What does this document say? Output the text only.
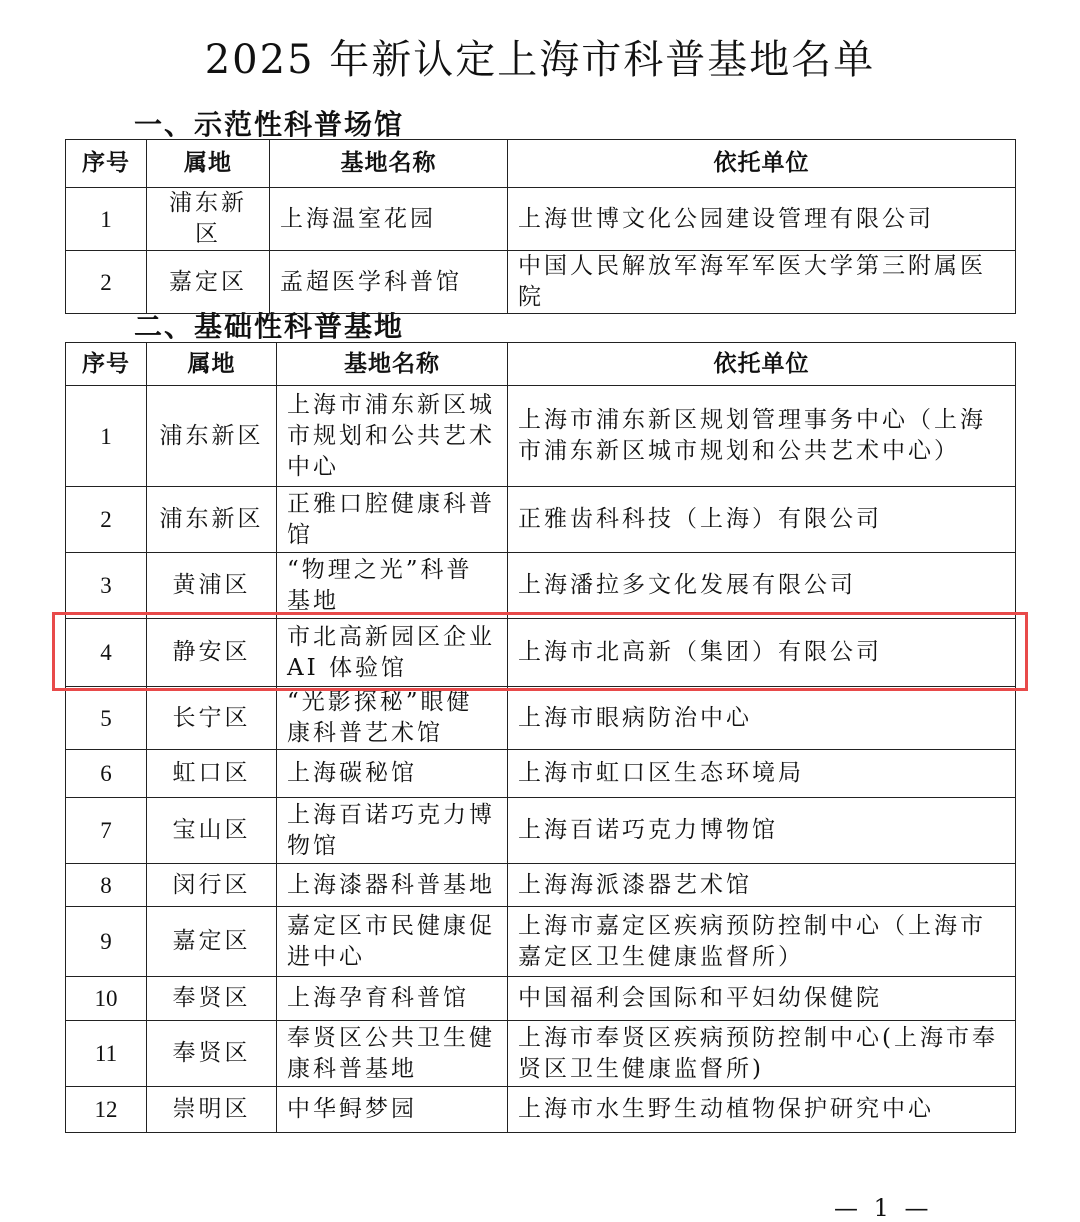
2025 年新认定上海市科普基地名单
一、示范性科普场馆
序号	属地	基地名称	依托单位
1	浦东新区	上海温室花园	上海世博文化公园建设管理有限公司
2	嘉定区	孟超医学科普馆	中国人民解放军海军军医大学第三附属医院
二、基础性科普基地
序号	属地	基地名称	依托单位
1	浦东新区	上海市浦东新区城市规划和公共艺术中心	上海市浦东新区规划管理事务中心（上海市浦东新区城市规划和公共艺术中心）
2	浦东新区	正雅口腔健康科普馆	正雅齿科科技（上海）有限公司
3	黄浦区	“物理之光”科普基地	上海潘拉多文化发展有限公司
4	静安区	市北高新园区企业AI 体验馆	上海市北高新（集团）有限公司
5	长宁区	“光影探秘”眼健康科普艺术馆	上海市眼病防治中心
6	虹口区	上海碳秘馆	上海市虹口区生态环境局
7	宝山区	上海百诺巧克力博物馆	上海百诺巧克力博物馆
8	闵行区	上海漆器科普基地	上海海派漆器艺术馆
9	嘉定区	嘉定区市民健康促进中心	上海市嘉定区疾病预防控制中心（上海市嘉定区卫生健康监督所）
10	奉贤区	上海孕育科普馆	中国福利会国际和平妇幼保健院
11	奉贤区	奉贤区公共卫生健康科普基地	上海市奉贤区疾病预防控制中心(上海市奉贤区卫生健康监督所)
12	崇明区	中华鲟梦园	上海市水生野生动植物保护研究中心
— 1 —
